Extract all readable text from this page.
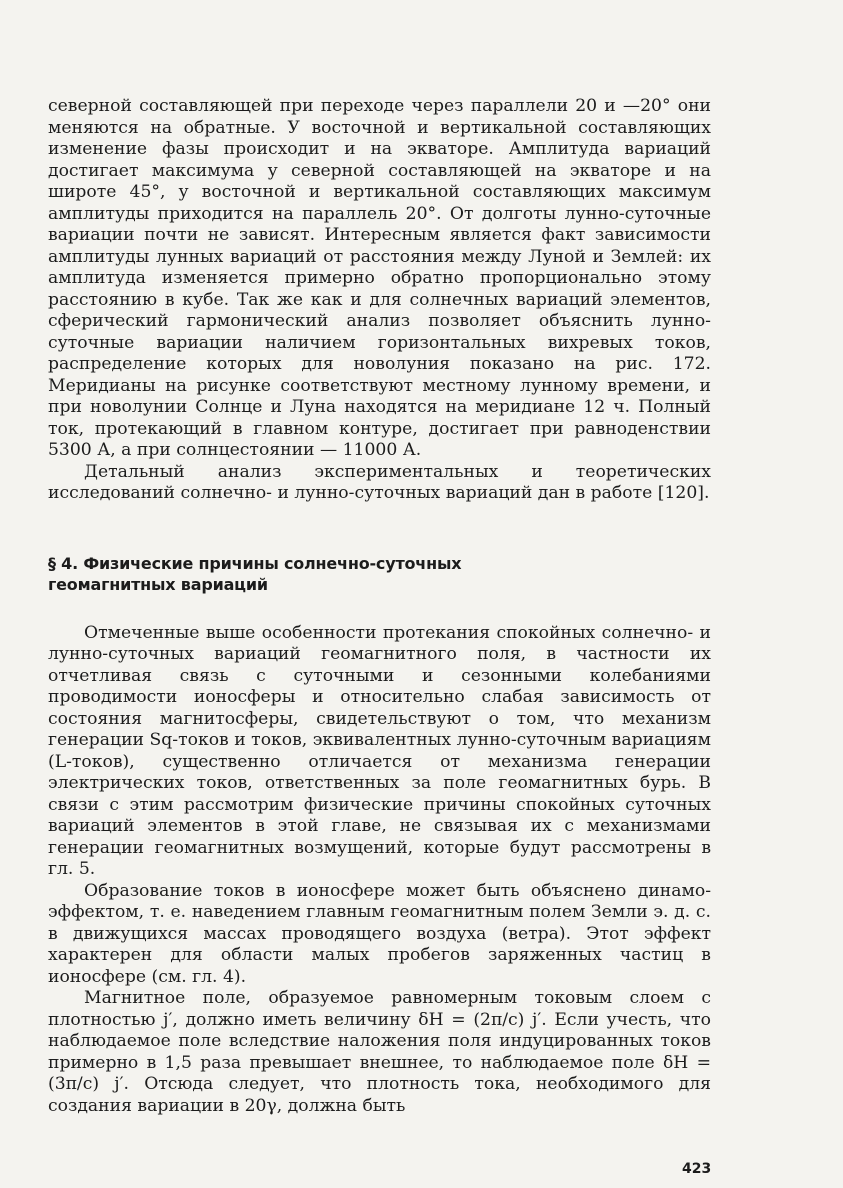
северной составляющей при переходе через параллели 20 и —20° они меняются на обратные. У восточной и вертикальной составляющих изменение фазы происходит и на экваторе. Амплитуда вариаций достигает максимума у северной составляющей на экваторе и на широте 45°, у восточной и вертикальной составляющих максимум амплитуды приходится на параллель 20°. От долготы лунно-суточные вариации почти не зависят. Интересным является факт зависимости амплитуды лунных вариаций от расстояния между Луной и Землей: их амплитуда изменяется примерно обратно пропорционально этому расстоянию в кубе. Так же как и для солнечных вариаций элементов, сферический гармонический анализ позволяет объяснить лунно-суточные вариации наличием горизонтальных вихревых токов, распределение которых для новолуния показано на рис. 172. Меридианы на рисунке соответствуют местному лунному времени, и при новолунии Солнце и Луна находятся на меридиане 12 ч. Полный ток, протекающий в главном контуре, достигает при равноденствии 5300 А, а при солнцестоянии — 11000 А.

Детальный анализ экспериментальных и теоретических исследований солнечно- и лунно-суточных вариаций дан в работе [120].

§ 4. Физические причины солнечно-суточных
геомагнитных вариаций

Отмеченные выше особенности протекания спокойных солнечно- и лунно-суточных вариаций геомагнитного поля, в частности их отчетливая связь с суточными и сезонными колебаниями проводимости ионосферы и относительно слабая зависимость от состояния магнитосферы, свидетельствуют о том, что механизм генерации Sq-токов и токов, эквивалентных лунно-суточным вариациям (L-токов), существенно отличается от механизма генерации электрических токов, ответственных за поле геомагнитных бурь. В связи с этим рассмотрим физические причины спокойных суточных вариаций элементов в этой главе, не связывая их с механизмами генерации геомагнитных возмущений, которые будут рассмотрены в гл. 5.

Образование токов в ионосфере может быть объяснено динамо-эффектом, т. е. наведением главным геомагнитным полем Земли э. д. с. в движущихся массах проводящего воздуха (ветра). Этот эффект характерен для области малых пробегов заряженных частиц в ионосфере (см. гл. 4).

Магнитное поле, образуемое равномерным токовым слоем с плотностью j′, должно иметь величину δH = (2π/c) j′. Если учесть, что наблюдаемое поле вследствие наложения поля индуцированных токов примерно в 1,5 раза превышает внешнее, то наблюдаемое поле δH = (3π/c) j′. Отсюда следует, что плотность тока, необходимого для создания вариации в 20γ, должна быть

423
